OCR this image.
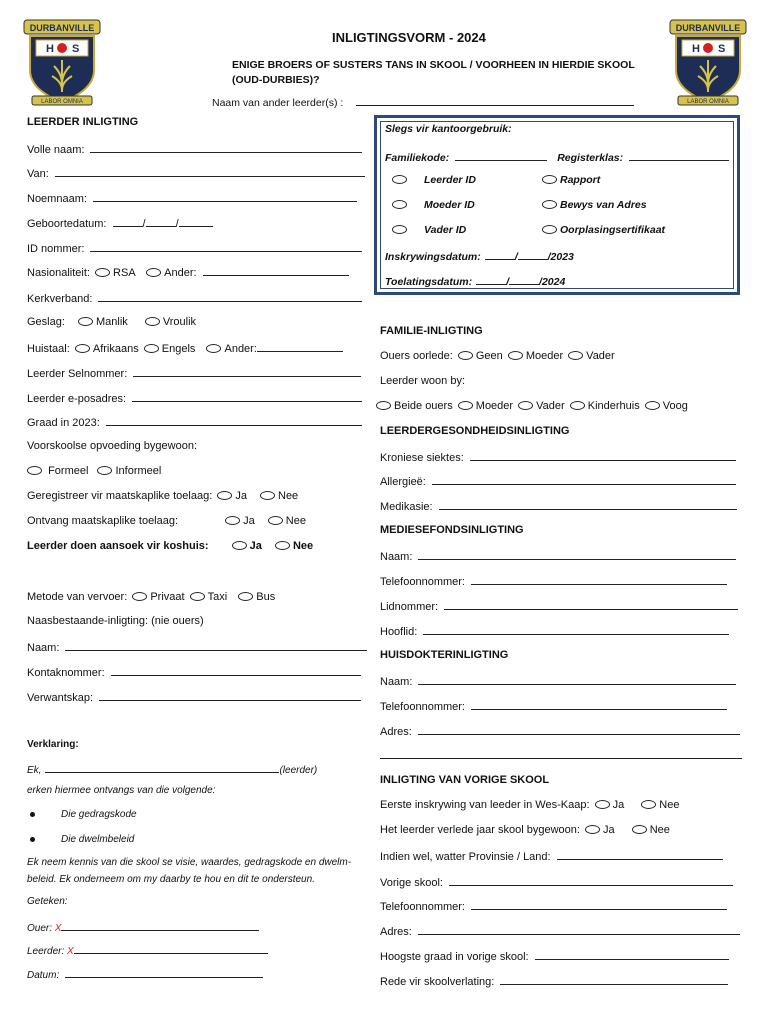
DURBANVILLE
H S
LABOR OMNIA
DURBANVILLE
H S
LABOR OMNIA
INLIGTINGSVORM - 2024
ENIGE BROERS OF SUSTERS TANS IN SKOOL / VOORHEEN IN HIERDIE SKOOL
(OUD-DURBIES)?
Naam van ander leerder(s) :
LEERDER INLIGTING
Volle naam:
Van:
Noemnaam:
Geboortedatum:	/	/
ID nommer:
Nasionaliteit: RSA	Ander:
Kerkverband:
Geslag:	Manlik	Vroulik
Huistaal: Afrikaans Engels	Ander:
Leerder Selnommer:
Leerder e-posadres:
Graad in 2023:
Voorskoolse opvoeding bygewoon:
Formeel Informeel
Geregistreer vir maatskaplike toelaag: Ja	Nee
Ontvang maatskaplike toelaag:	Ja	Nee
Leerder doen aansoek vir koshuis:	Ja	Nee
Metode van vervoer: Privaat Taxi	Bus
Naasbestaande-inligting: (nie ouers)
Naam:
Kontaknommer:
Verwantskap:
Verklaring:
Ek,	(leerder)
erken hiermee ontvangs van die volgende:
Die gedragskode
Die dwelmbeleid
Ek neem kennis van die skool se visie, waardes, gedragskode en dwelm-
beleid. Ek onderneem om my daarby te hou en dit te ondersteun.
Geteken:
Ouer: X
Leerder: X
Datum:
Slegs vir kantoorgebruik:
Familiekode:	Registerklas:
Leerder ID	Rapport
Moeder ID	Bewys van Adres
Vader ID	Oorplasingsertifikaat
Inskrywingsdatum:	/	/2023
Toelatingsdatum:	/	/2024
FAMILIE-INLIGTING
Ouers oorlede: Geen Moeder Vader
Leerder woon by:
Beide ouers Moeder Vader Kinderhuis Voog
LEERDERGESONDHEIDSINLIGTING
Kroniese siektes:
Allergieë:
Medikasie:
MEDIESEFONDSINLIGTING
Naam:
Telefoonnommer:
Lidnommer:
Hooflid:
HUISDOKTERINLIGTING
Naam:
Telefoonnommer:
Adres:
INLIGTING VAN VORIGE SKOOL
Eerste inskrywing van leeder in Wes-Kaap: Ja	Nee
Het leerder verlede jaar skool bygewoon: Ja	Nee
Indien wel, watter Provinsie / Land:
Vorige skool:
Telefoonnommer:
Adres:
Hoogste graad in vorige skool:
Rede vir skoolverlating:
